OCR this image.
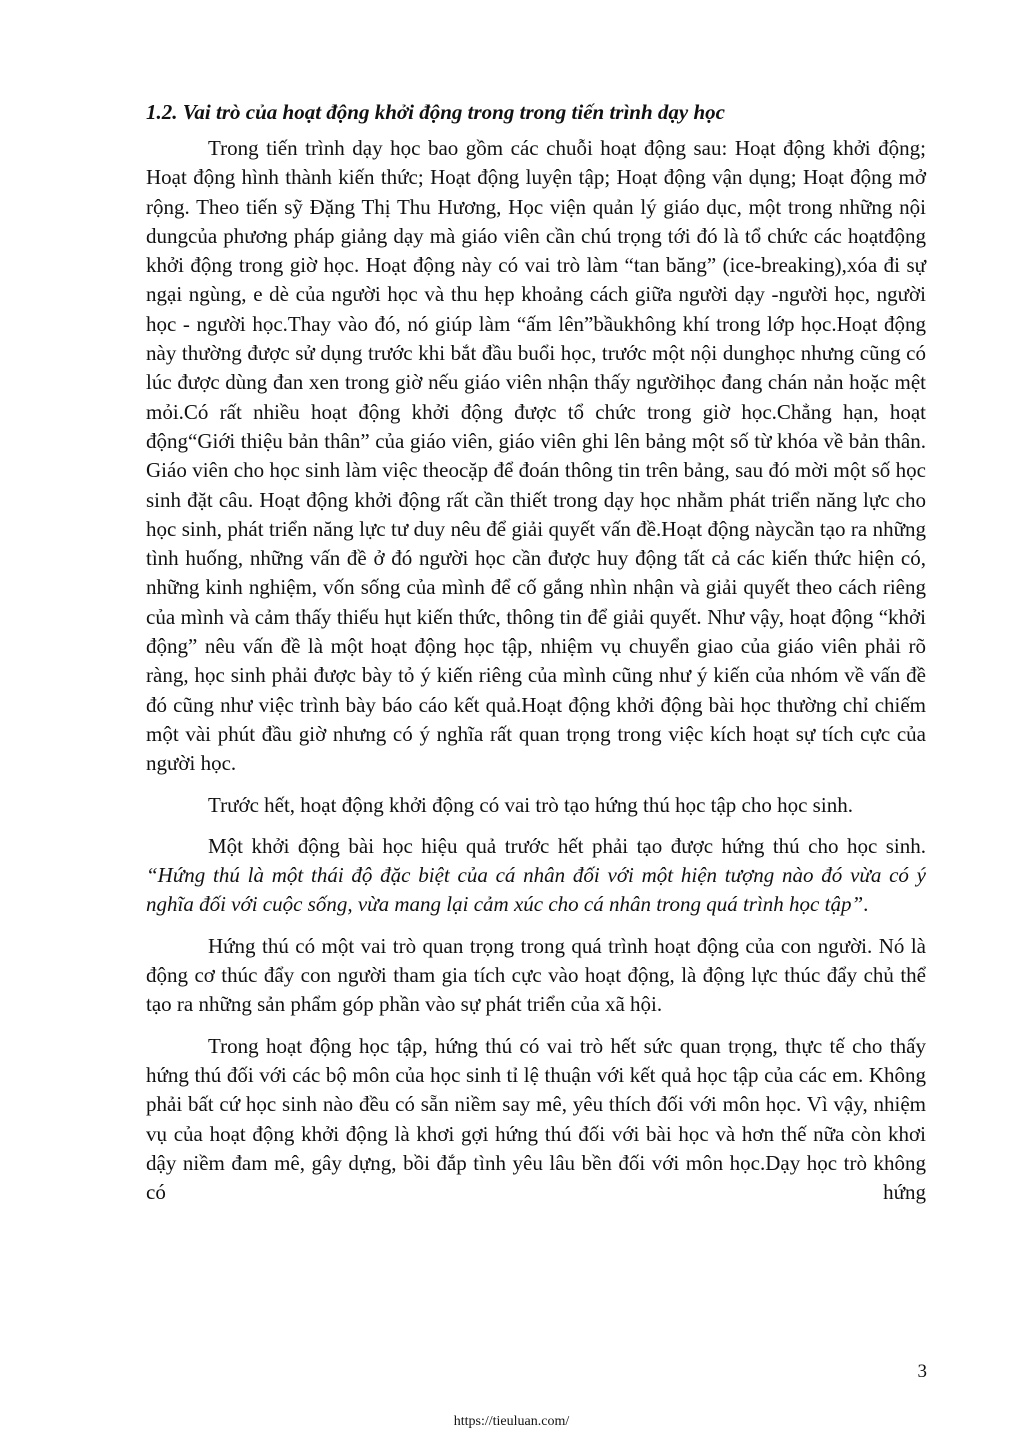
1.2. Vai trò của hoạt động khởi động trong trong tiến trình dạy học

Trong tiến trình dạy học bao gồm các chuỗi hoạt động sau: Hoạt động khởi động; Hoạt động hình thành kiến thức; Hoạt động luyện tập; Hoạt động vận dụng; Hoạt động mở rộng. Theo tiến sỹ Đặng Thị Thu Hương, Học viện quản lý giáo dục, một trong những nội dungcủa phương pháp giảng dạy mà giáo viên cần chú trọng tới đó là tổ chức các hoạtđộng khởi động trong giờ học. Hoạt động này có vai trò làm “tan băng” (ice-breaking),xóa đi sự ngại ngùng, e dè của người học và thu hẹp khoảng cách giữa người dạy -người học, người học - người học.Thay vào đó, nó giúp làm “ấm lên”bầukhông khí trong lớp học.Hoạt động này thường được sử dụng trước khi bắt đầu buổi học, trước một nội dunghọc nhưng cũng có lúc được dùng đan xen trong giờ nếu giáo viên nhận thấy ngườihọc đang chán nản hoặc mệt mỏi.Có rất nhiều hoạt động khởi động được tổ chức trong giờ học.Chẳng hạn, hoạt động“Giới thiệu bản thân” của giáo viên, giáo viên ghi lên bảng một số từ khóa về bản thân. Giáo viên cho học sinh làm việc theocặp để đoán thông tin trên bảng, sau đó mời một số học sinh đặt câu. Hoạt động khởi động rất cần thiết trong dạy học nhằm phát triển năng lực cho học sinh, phát triển năng lực tư duy nêu để giải quyết vấn đề.Hoạt động nàycần tạo ra những tình huống, những vấn đề ở đó người học cần được huy động tất cả các kiến thức hiện có, những kinh nghiệm, vốn sống của mình để cố gắng nhìn nhận và giải quyết theo cách riêng của mình và cảm thấy thiếu hụt kiến thức, thông tin để giải quyết. Như vậy, hoạt động “khởi động” nêu vấn đề là một hoạt động học tập, nhiệm vụ chuyển giao của giáo viên phải rõ ràng, học sinh phải được bày tỏ ý kiến riêng của mình cũng như ý kiến của nhóm về vấn đề đó cũng như việc trình bày báo cáo kết quả.Hoạt động khởi động bài học thường chỉ chiếm một vài phút đầu giờ nhưng có ý nghĩa rất quan trọng trong việc kích hoạt sự tích cực của người học.

Trước hết, hoạt động khởi động có vai trò tạo hứng thú học tập cho học sinh.

Một khởi động bài học hiệu quả trước hết phải tạo được hứng thú cho học sinh. “Hứng thú là một thái độ đặc biệt của cá nhân đối với một hiện tượng nào đó vừa có ý nghĩa đối với cuộc sống, vừa mang lại cảm xúc cho cá nhân trong quá trình học tập”.

Hứng thú có một vai trò quan trọng trong quá trình hoạt động của con người. Nó là động cơ thúc đẩy con người tham gia tích cực vào hoạt động, là động lực thúc đẩy chủ thể tạo ra những sản phẩm góp phần vào sự phát triển của xã hội.

Trong hoạt động học tập, hứng thú có vai trò hết sức quan trọng, thực tế cho thấy hứng thú đối với các bộ môn của học sinh tỉ lệ thuận với kết quả học tập của các em. Không phải bất cứ học sinh nào đều có sẵn niềm say mê, yêu thích đối với môn học. Vì vậy, nhiệm vụ của hoạt động khởi động là khơi gợi hứng thú đối với bài học và hơn thế nữa còn khơi dậy niềm đam mê, gây dựng, bồi đắp tình yêu lâu bền đối với môn học.Dạy học trò không có hứng

3
https://tieuluan.com/
